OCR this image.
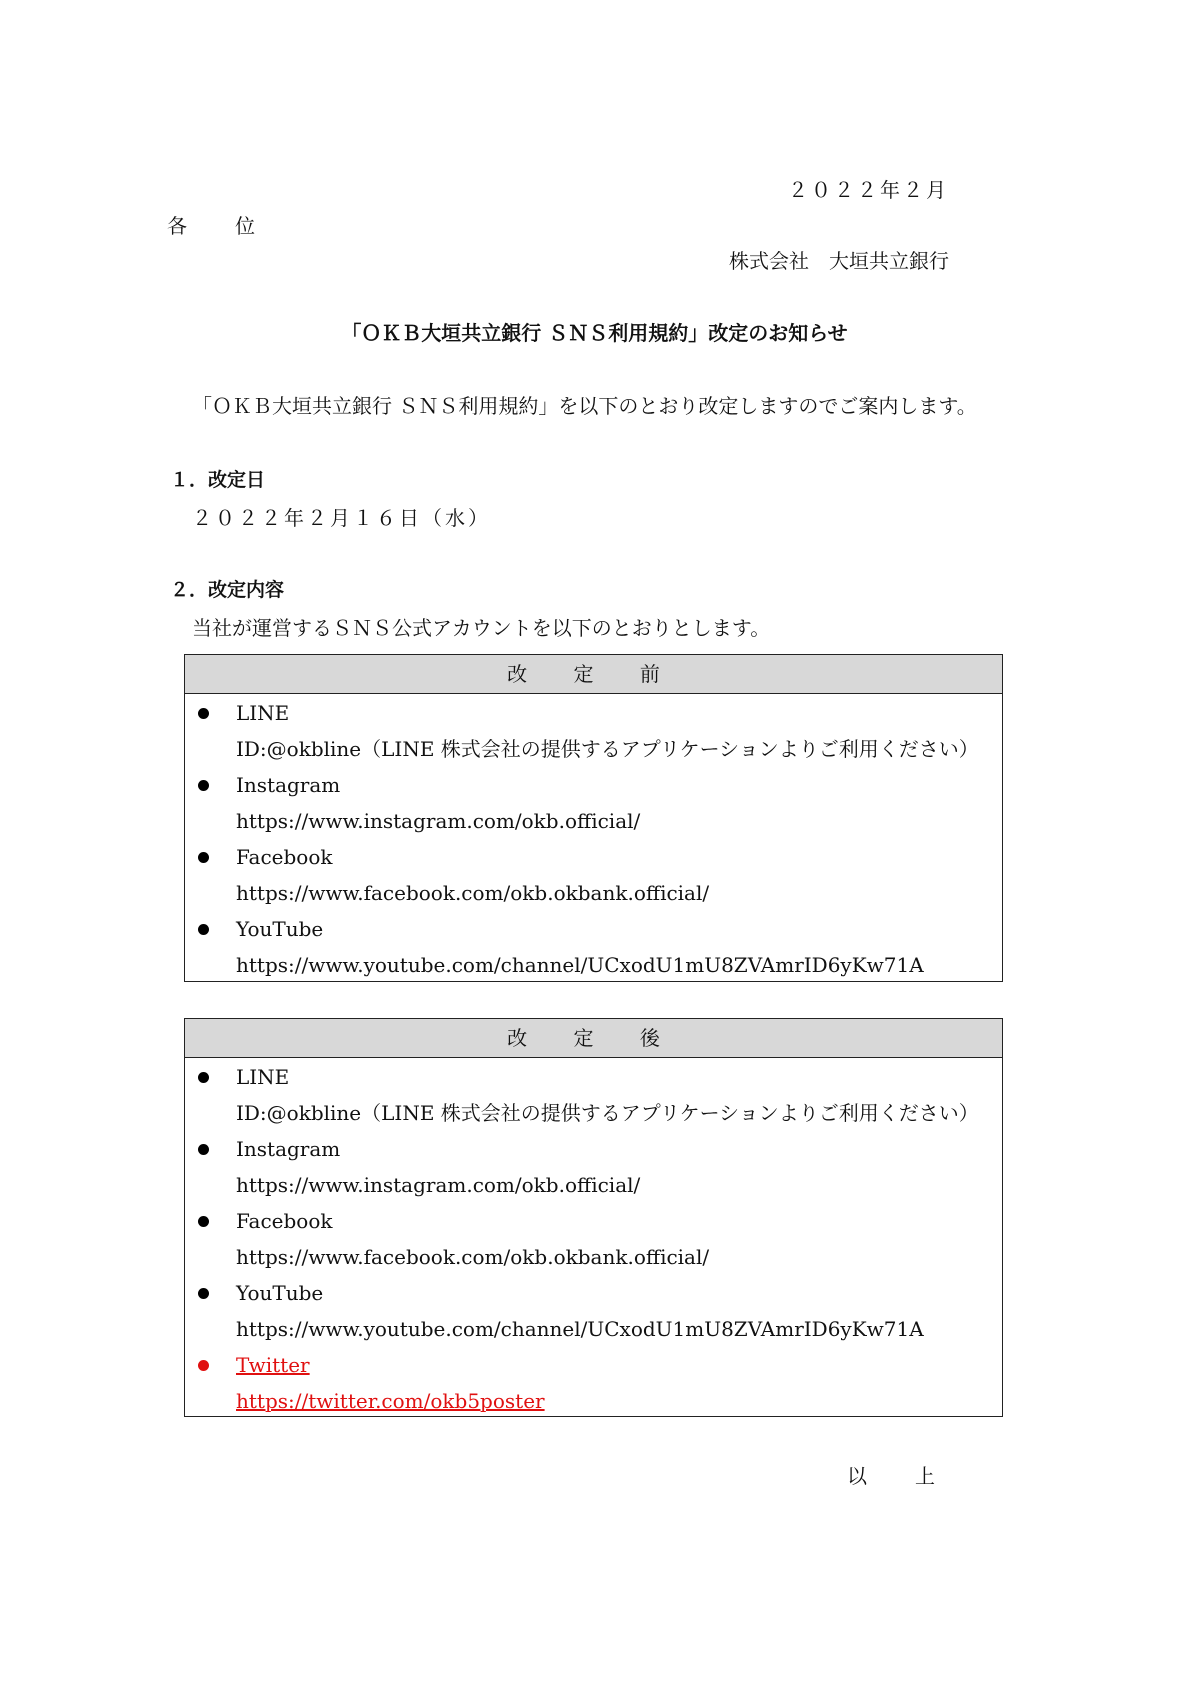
２０２２年２月
各　位
株式会社　大垣共立銀行
「ＯＫＢ大垣共立銀行 ＳＮＳ利用規約」改定のお知らせ
「ＯＫＢ大垣共立銀行 ＳＮＳ利用規約」を以下のとおり改定しますのでご案内します。
１．改定日
２０２２年２月１６日（水）
２．改定内容
当社が運営するＳＮＳ公式アカウントを以下のとおりとします。
改 定 前
LINE
ID:@okbline（LINE 株式会社の提供するアプリケーションよりご利用ください）
Instagram
https://www.instagram.com/okb.official/
Facebook
https://www.facebook.com/okb.okbank.official/
YouTube
https://www.youtube.com/channel/UCxodU1mU8ZVAmrID6yKw71A
改 定 後
LINE
ID:@okbline（LINE 株式会社の提供するアプリケーションよりご利用ください）
Instagram
https://www.instagram.com/okb.official/
Facebook
https://www.facebook.com/okb.okbank.official/
YouTube
https://www.youtube.com/channel/UCxodU1mU8ZVAmrID6yKw71A
Twitter
https://twitter.com/okb5poster
以　上
